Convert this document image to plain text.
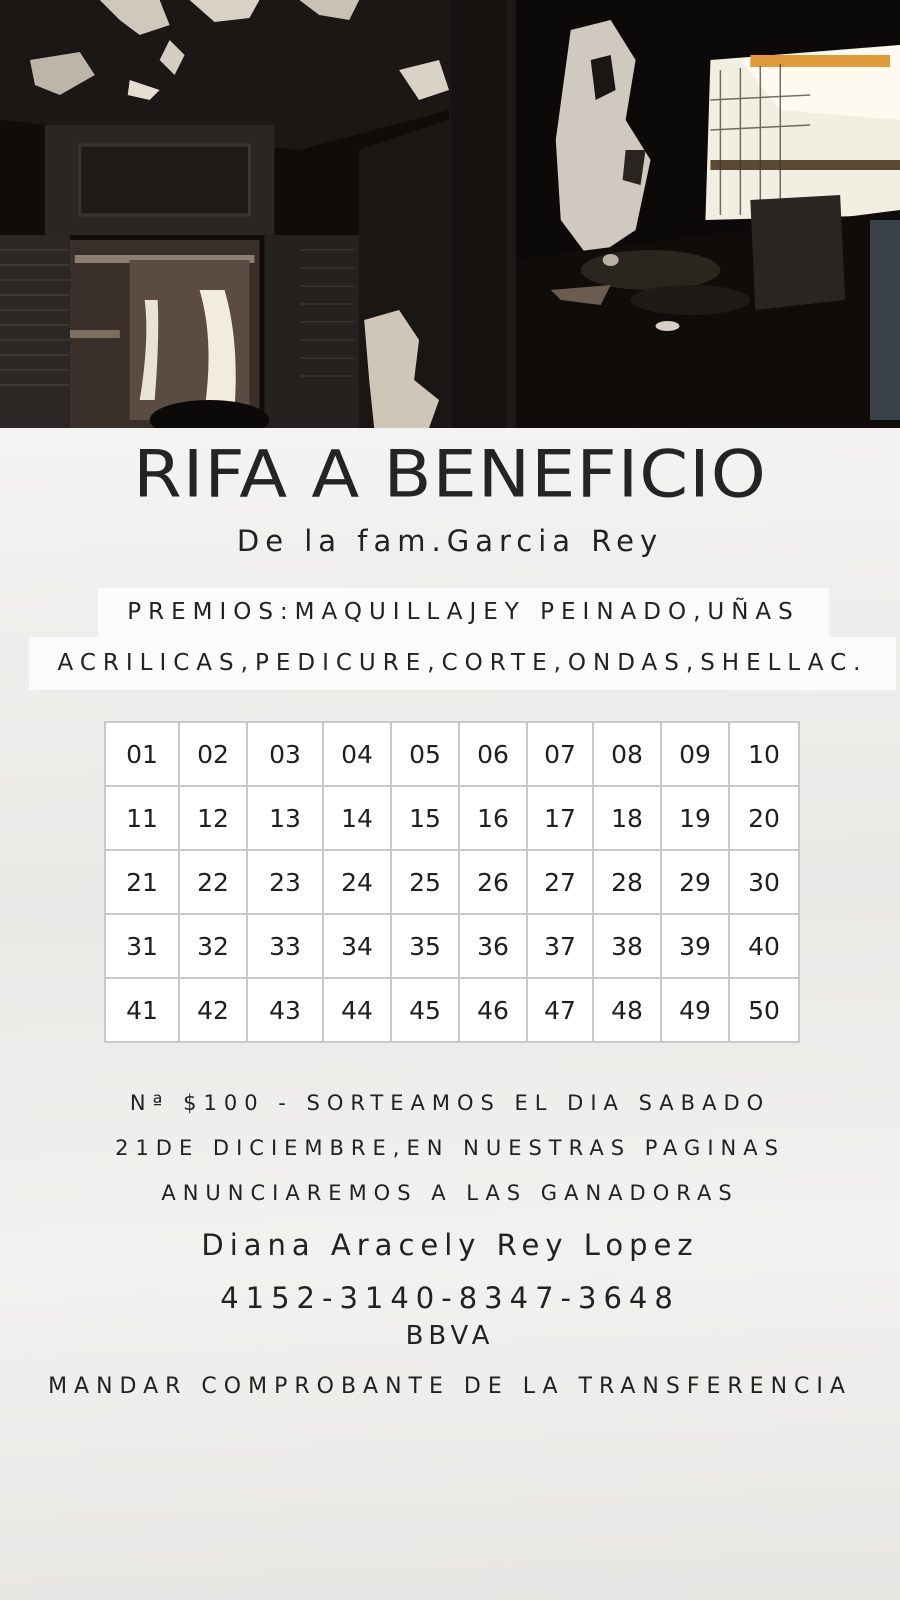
RIFA A BENEFICIO
De la fam.Garcia Rey
PREMIOS:MAQUILLAJEY PEINADO,UÑAS
ACRILICAS,PEDICURE,CORTE,ONDAS,SHELLAC.
01	02	03	04	05	06	07	08	09	10
11	12	13	14	15	16	17	18	19	20
21	22	23	24	25	26	27	28	29	30
31	32	33	34	35	36	37	38	39	40
41	42	43	44	45	46	47	48	49	50
Nª $100 - SORTEAMOS EL DIA SABADO
21DE DICIEMBRE,EN NUESTRAS PAGINAS
ANUNCIAREMOS A LAS GANADORAS
Diana Aracely Rey Lopez
4152-3140-8347-3648
BBVA
MANDAR COMPROBANTE DE LA TRANSFERENCIA
